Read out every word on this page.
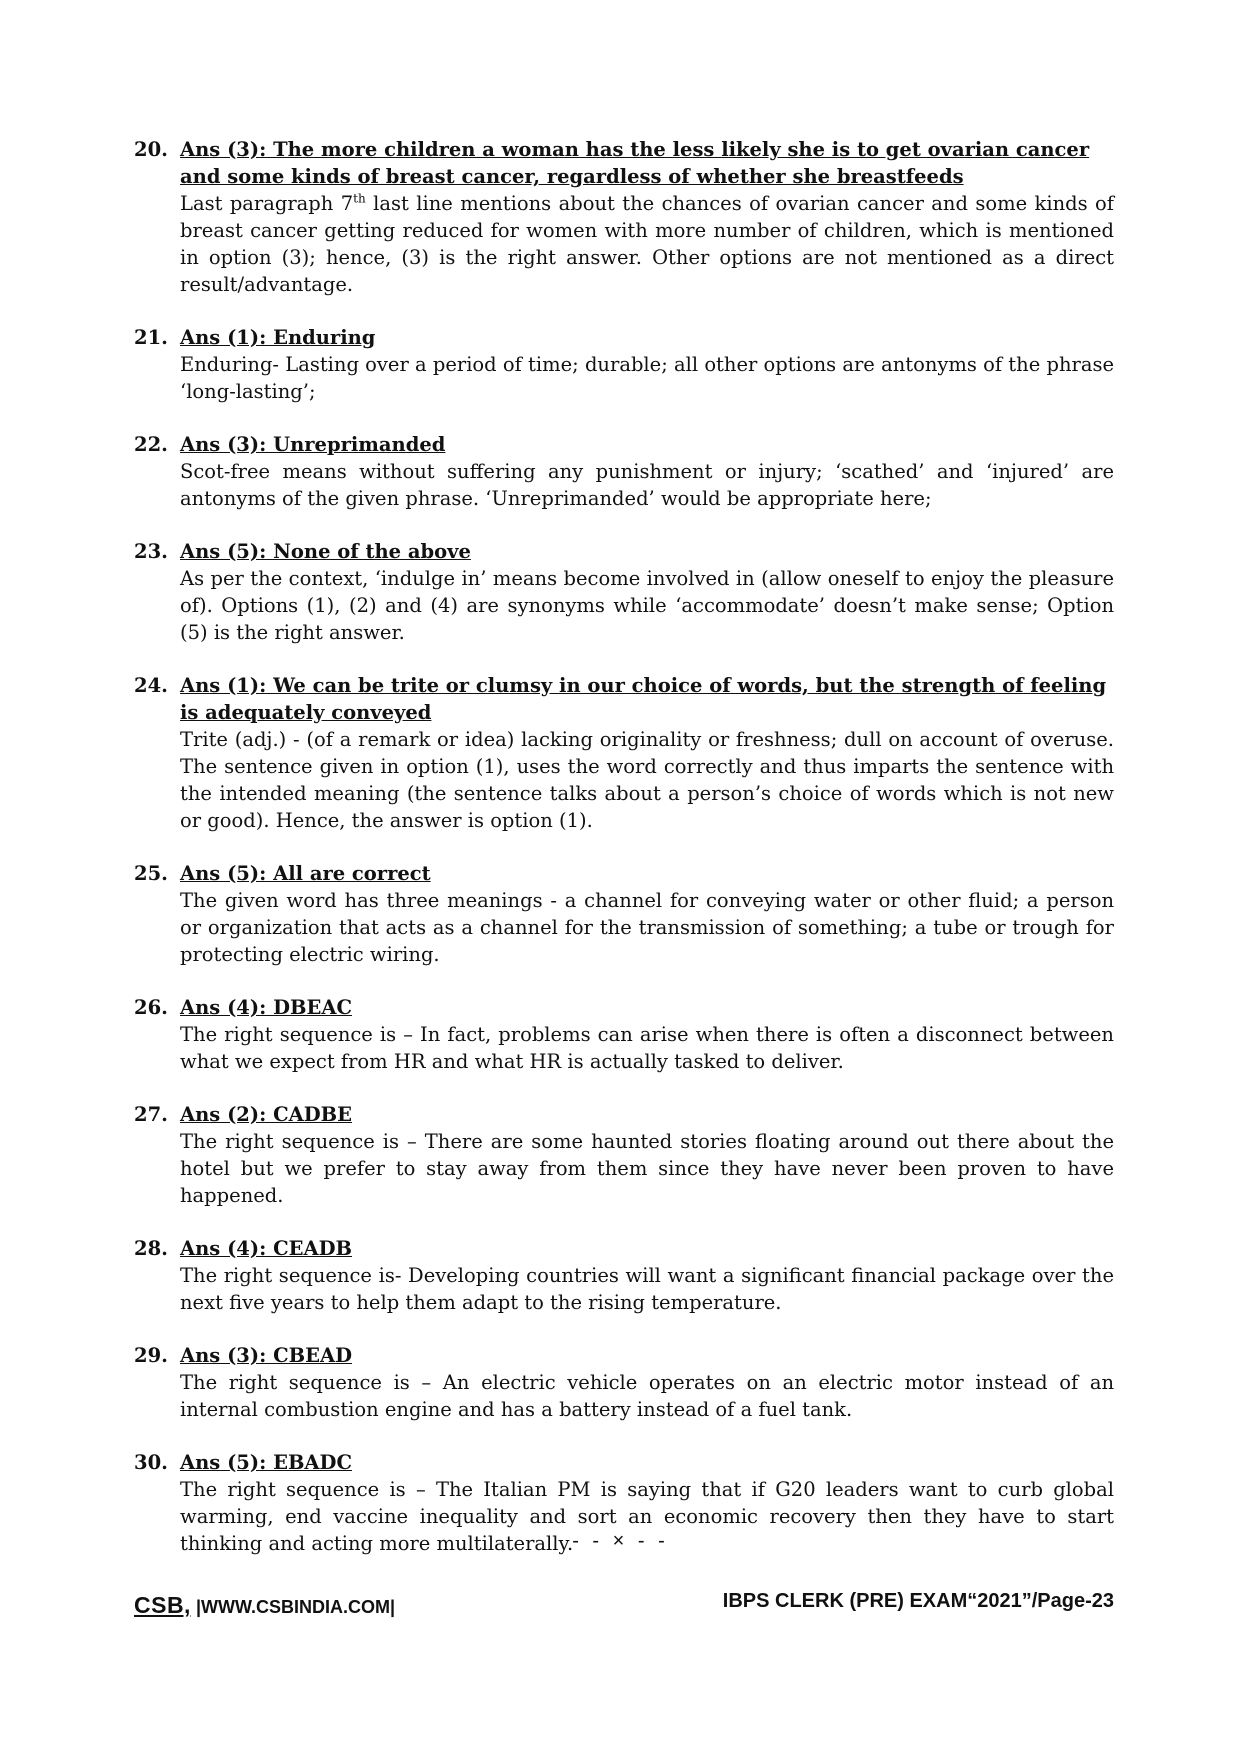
20. Ans (3): The more children a woman has the less likely she is to get ovarian cancer and some kinds of breast cancer, regardless of whether she breastfeeds
Last paragraph 7th last line mentions about the chances of ovarian cancer and some kinds of breast cancer getting reduced for women with more number of children, which is mentioned in option (3); hence, (3) is the right answer. Other options are not mentioned as a direct result/advantage.
21. Ans (1): Enduring
Enduring- Lasting over a period of time; durable; all other options are antonyms of the phrase ‘long-lasting’;
22. Ans (3): Unreprimanded
Scot-free means without suffering any punishment or injury; ‘scathed’ and ‘injured’ are antonyms of the given phrase. ‘Unreprimanded’ would be appropriate here;
23. Ans (5): None of the above
As per the context, ‘indulge in’ means become involved in (allow oneself to enjoy the pleasure of). Options (1), (2) and (4) are synonyms while ‘accommodate’ doesn’t make sense; Option (5) is the right answer.
24. Ans (1): We can be trite or clumsy in our choice of words, but the strength of feeling is adequately conveyed
Trite (adj.) - (of a remark or idea) lacking originality or freshness; dull on account of overuse. The sentence given in option (1), uses the word correctly and thus imparts the sentence with the intended meaning (the sentence talks about a person’s choice of words which is not new or good). Hence, the answer is option (1).
25. Ans (5): All are correct
The given word has three meanings - a channel for conveying water or other fluid; a person or organization that acts as a channel for the transmission of something; a tube or trough for protecting electric wiring.
26. Ans (4): DBEAC
The right sequence is – In fact, problems can arise when there is often a disconnect between what we expect from HR and what HR is actually tasked to deliver.
27. Ans (2): CADBE
The right sequence is – There are some haunted stories floating around out there about the hotel but we prefer to stay away from them since they have never been proven to have happened.
28. Ans (4): CEADB
The right sequence is- Developing countries will want a significant financial package over the next five years to help them adapt to the rising temperature.
29. Ans (3): CBEAD
The right sequence is – An electric vehicle operates on an electric motor instead of an internal combustion engine and has a battery instead of a fuel tank.
30. Ans (5): EBADC
The right sequence is – The Italian PM is saying that if G20 leaders want to curb global warming, end vaccine inequality and sort an economic recovery then they have to start thinking and acting more multilaterally. - - × - -
CSB, |WWW.CSBINDIA.COM|	IBPS CLERK (PRE) EXAM“2021”/Page-23
